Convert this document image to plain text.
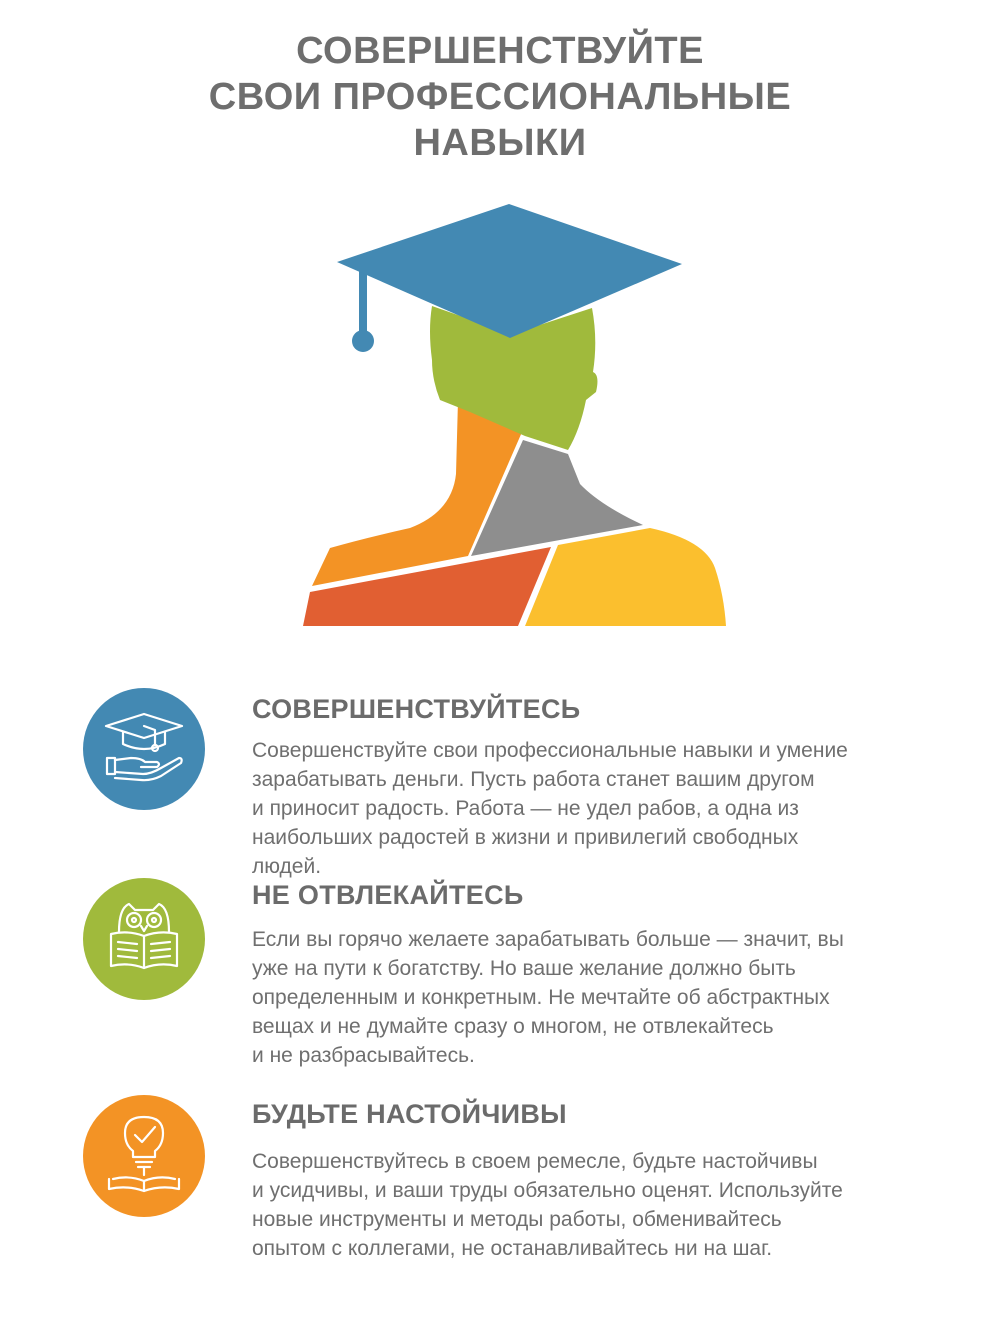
СОВЕРШЕНСТВУЙТЕ
СВОИ ПРОФЕССИОНАЛЬНЫЕ
НАВЫКИ
СОВЕРШЕНСТВУЙТЕСЬ
Совершенствуйте свои профессиональные навыки и умение
зарабатывать деньги. Пусть работа станет вашим другом
и приносит радость. Работа — не удел рабов, а одна из
наибольших радостей в жизни и привилегий свободных
людей.
НЕ ОТВЛЕКАЙТЕСЬ
Если вы горячо желаете зарабатывать больше — значит, вы
уже на пути к богатству. Но ваше желание должно быть
определенным и конкретным. Не мечтайте об абстрактных
вещах и не думайте сразу о многом, не отвлекайтесь
и не разбрасывайтесь.
БУДЬТЕ НАСТОЙЧИВЫ
Совершенствуйтесь в своем ремесле, будьте настойчивы
и усидчивы, и ваши труды обязательно оценят. Используйте
новые инструменты и методы работы, обменивайтесь
опытом с коллегами, не останавливайтесь ни на шаг.
